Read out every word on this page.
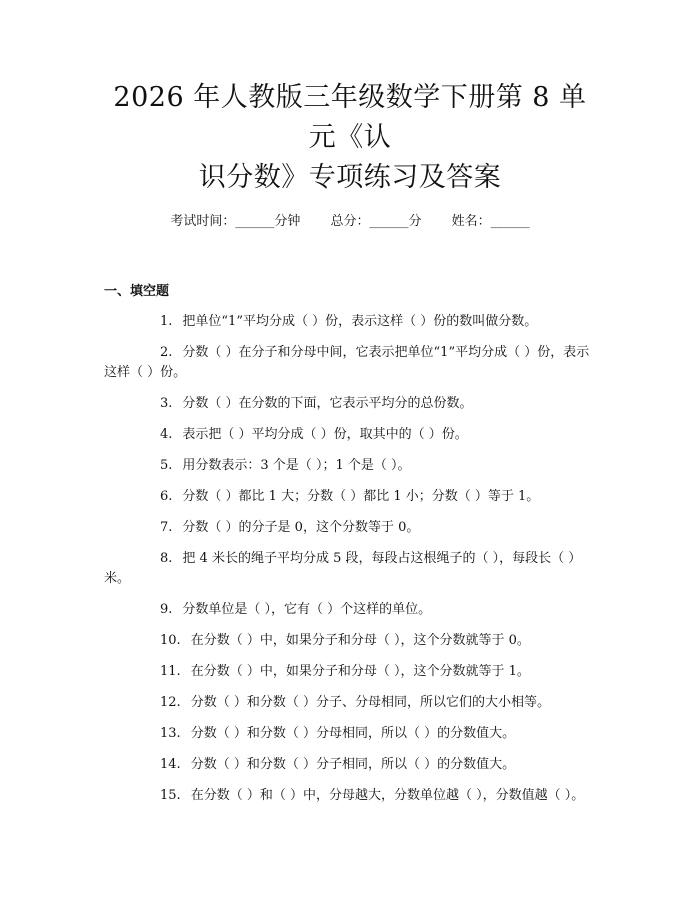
2026 年人教版三年级数学下册第 8 单元《认
识分数》专项练习及答案
考试时间：______分钟 总分：______分 姓名：______
一、填空题

1. 把单位“1”平均分成（ ）份，表示这样（ ）份的数叫做分数。

2. 分数（ ）在分子和分母中间，它表示把单位“1”平均分成（ ）份，表示这样（ ）份。

3. 分数（ ）在分数的下面，它表示平均分的总份数。

4. 表示把（ ）平均分成（ ）份，取其中的（ ）份。

5. 用分数表示：3 个是（ ）；1 个是（ ）。

6. 分数（ ）都比 1 大；分数（ ）都比 1 小；分数（ ）等于 1。

7. 分数（ ）的分子是 0，这个分数等于 0。

8. 把 4 米长的绳子平均分成 5 段，每段占这根绳子的（ ），每段长（ ）米。

9. 分数单位是（ ），它有（ ）个这样的单位。

10. 在分数（ ）中，如果分子和分母（ ），这个分数就等于 0。

11. 在分数（ ）中，如果分子和分母（ ），这个分数就等于 1。

12. 分数（ ）和分数（ ）分子、分母相同，所以它们的大小相等。

13. 分数（ ）和分数（ ）分母相同，所以（ ）的分数值大。

14. 分数（ ）和分数（ ）分子相同，所以（ ）的分数值大。

15. 在分数（ ）和（ ）中，分母越大，分数单位越（ ），分数值越（ ）。
